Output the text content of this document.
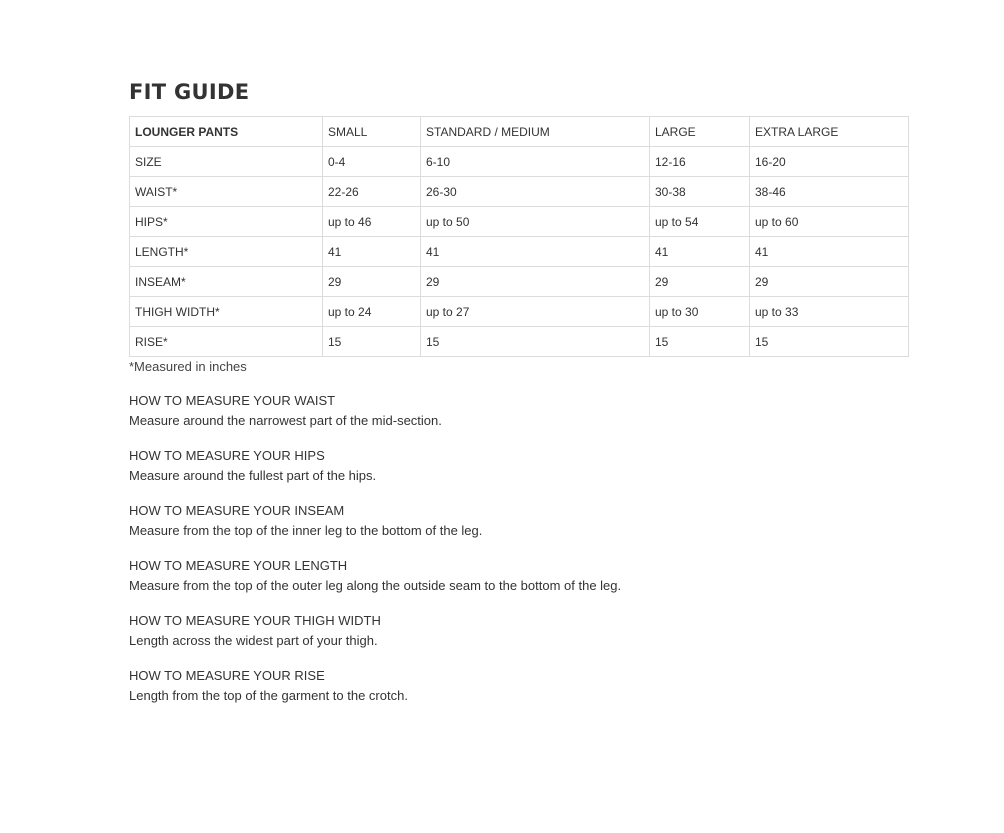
FIT GUIDE
LOUNGER PANTS	SMALL	STANDARD / MEDIUM	LARGE	EXTRA LARGE
SIZE	0-4	6-10	12-16	16-20
WAIST*	22-26	26-30	30-38	38-46
HIPS*	up to 46	up to 50	up to 54	up to 60
LENGTH*	41	41	41	41
INSEAM*	29	29	29	29
THIGH WIDTH*	up to 24	up to 27	up to 30	up to 33
RISE*	15	15	15	15
*Measured in inches
HOW TO MEASURE YOUR WAIST
Measure around the narrowest part of the mid-section.
HOW TO MEASURE YOUR HIPS
Measure around the fullest part of the hips.
HOW TO MEASURE YOUR INSEAM
Measure from the top of the inner leg to the bottom of the leg.
HOW TO MEASURE YOUR LENGTH
Measure from the top of the outer leg along the outside seam to the bottom of the leg.
HOW TO MEASURE YOUR THIGH WIDTH
Length across the widest part of your thigh.
HOW TO MEASURE YOUR RISE
Length from the top of the garment to the crotch.
